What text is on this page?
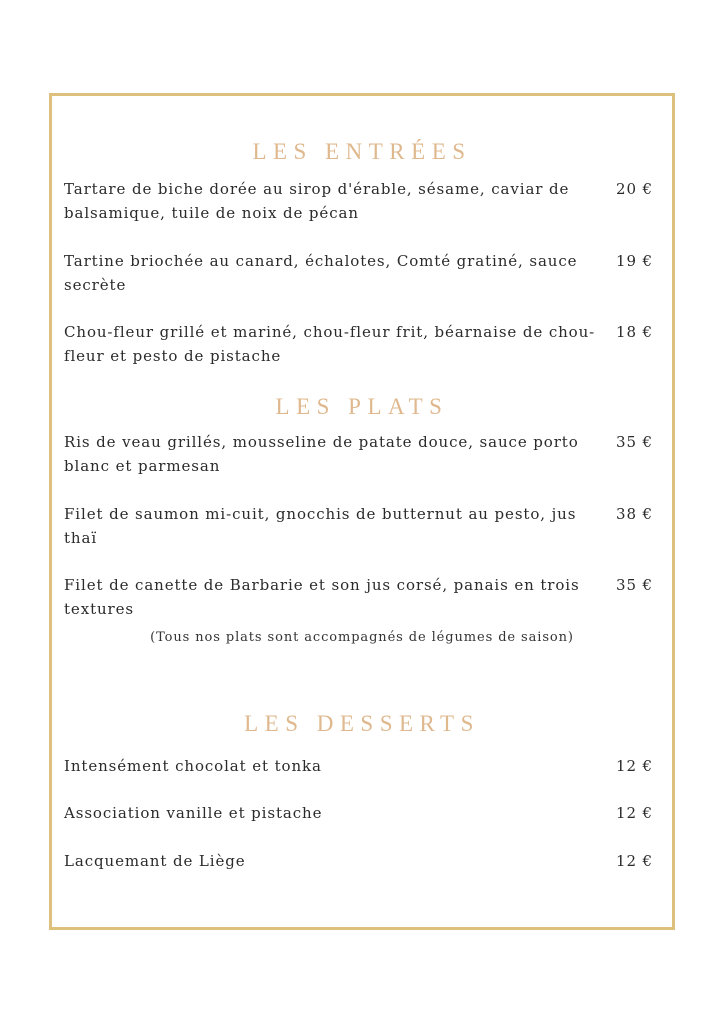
LES ENTRÉES
Tartare de biche dorée au sirop d'érable, sésame, caviar de balsamique, tuile de noix de pécan
20 €
Tartine briochée au canard, échalotes, Comté gratiné, sauce secrète
19 €
Chou-fleur grillé et mariné, chou-fleur frit, béarnaise de chou-fleur et pesto de pistache
18 €
LES PLATS
Ris de veau grillés, mousseline de patate douce, sauce porto blanc et parmesan
35 €
Filet de saumon mi-cuit, gnocchis de butternut au pesto, jus thaï
38 €
Filet de canette de Barbarie et son jus corsé, panais en trois textures
35 €
(Tous nos plats sont accompagnés de légumes de saison)
LES DESSERTS
Intensément chocolat et tonka	12 €
Association vanille et pistache	12 €
Lacquemant de Liège	12 €
